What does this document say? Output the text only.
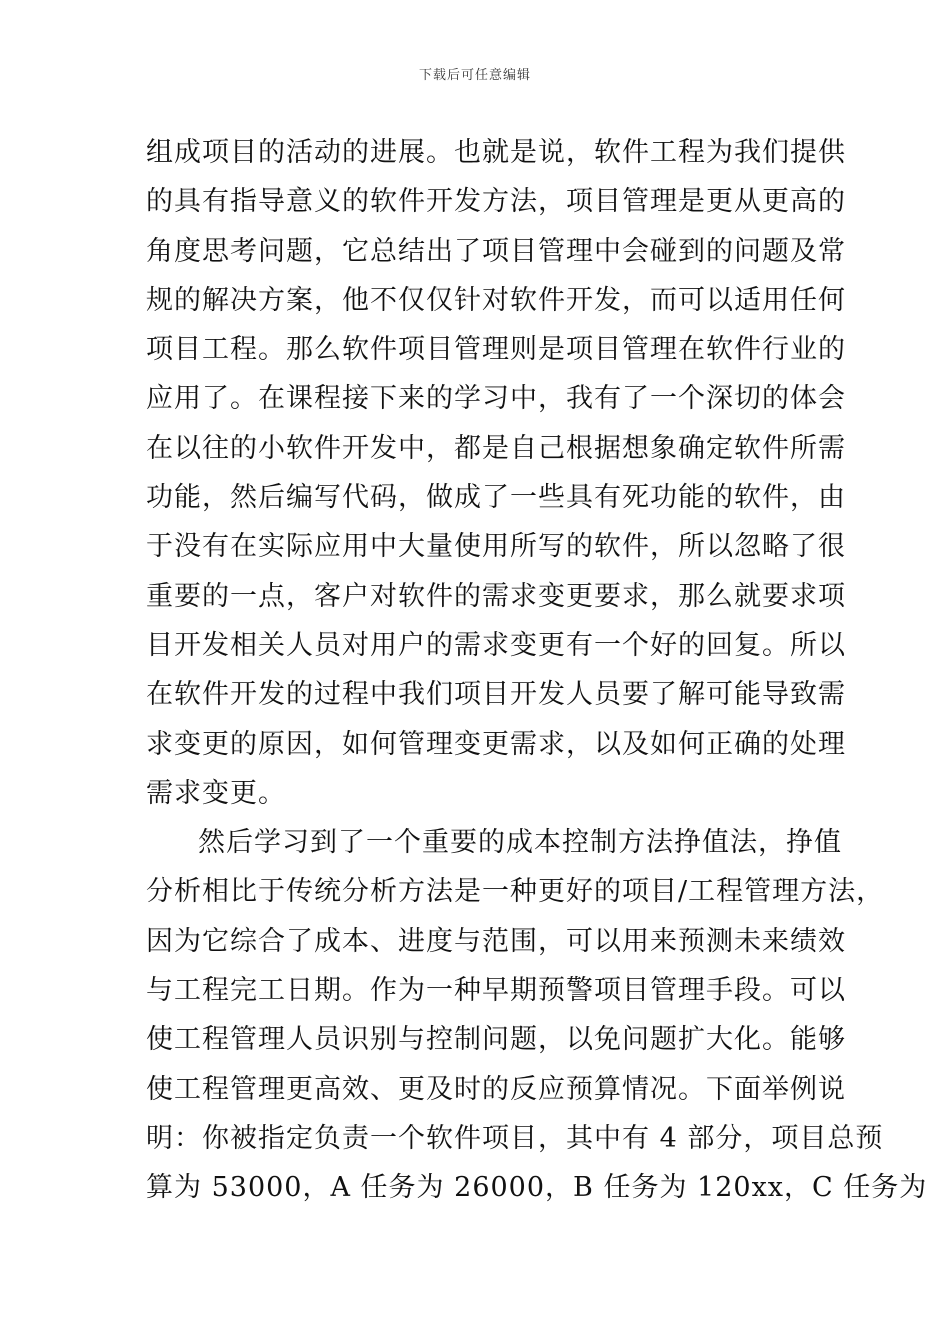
下载后可任意编辑
组成项目的活动的进展。也就是说，软件工程为我们提供
的具有指导意义的软件开发方法，项目管理是更从更高的
角度思考问题，它总结出了项目管理中会碰到的问题及常
规的解决方案，他不仅仅针对软件开发，而可以适用任何
项目工程。那么软件项目管理则是项目管理在软件行业的
应用了。在课程接下来的学习中，我有了一个深切的体会
在以往的小软件开发中，都是自己根据想象确定软件所需
功能，然后编写代码，做成了一些具有死功能的软件，由
于没有在实际应用中大量使用所写的软件，所以忽略了很
重要的一点，客户对软件的需求变更要求，那么就要求项
目开发相关人员对用户的需求变更有一个好的回复。所以
在软件开发的过程中我们项目开发人员要了解可能导致需
求变更的原因，如何管理变更需求，以及如何正确的处理
需求变更。
然后学习到了一个重要的成本控制方法挣值法，挣值
分析相比于传统分析方法是一种更好的项目/工程管理方法，
因为它综合了成本、进度与范围，可以用来预测未来绩效
与工程完工日期。作为一种早期预警项目管理手段。可以
使工程管理人员识别与控制问题，以免问题扩大化。能够
使工程管理更高效、更及时的反应预算情况。下面举例说
明：你被指定负责一个软件项目，其中有 4 部分，项目总预
算为 53000，A 任务为 26000，B 任务为 120xx，C 任务为
